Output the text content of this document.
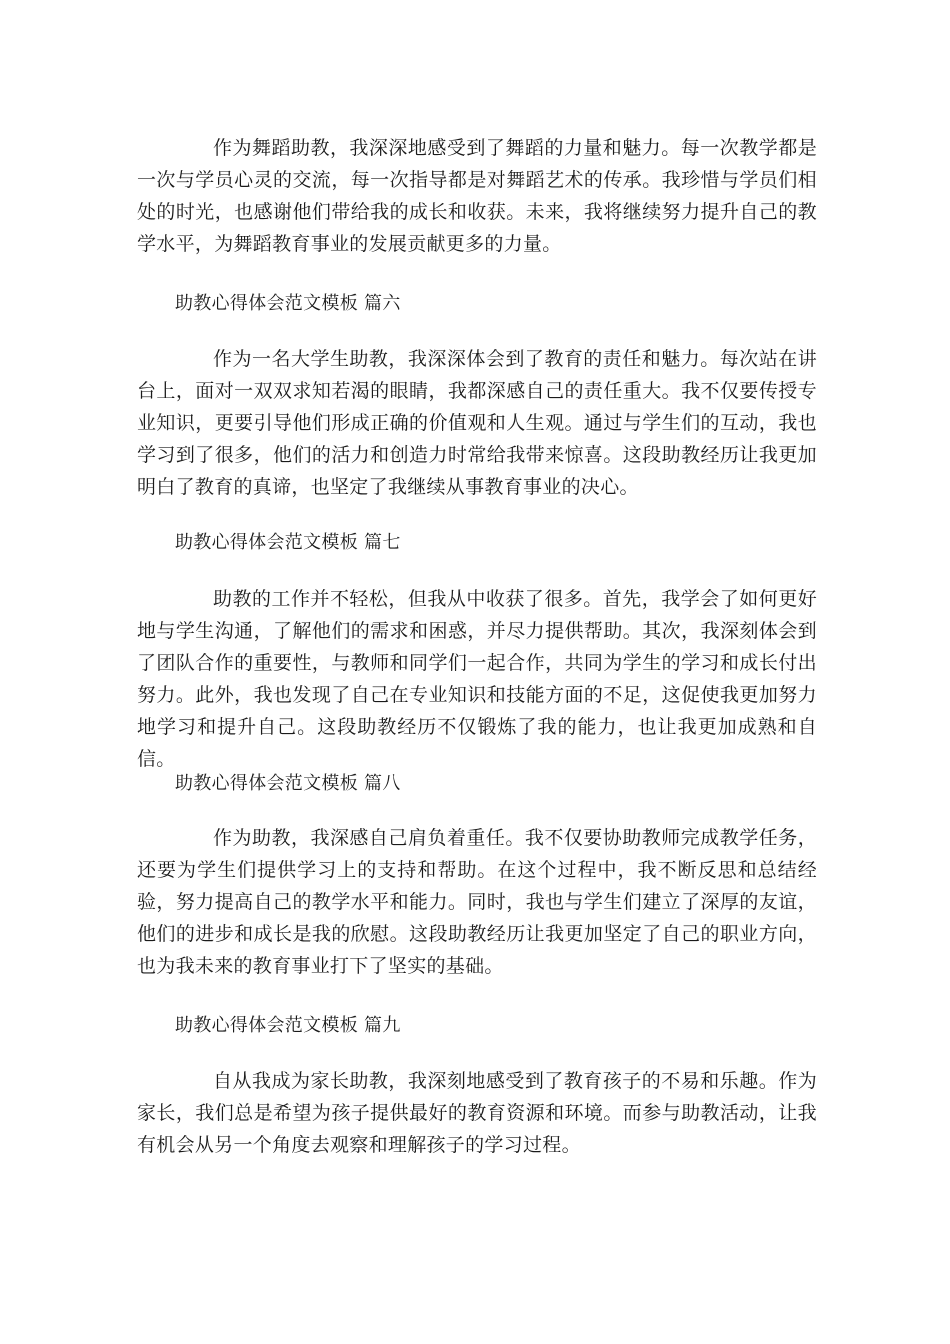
作为舞蹈助教，我深深地感受到了舞蹈的力量和魅力。每一次教学都是一次与学员心灵的交流，每一次指导都是对舞蹈艺术的传承。我珍惜与学员们相处的时光，也感谢他们带给我的成长和收获。未来，我将继续努力提升自己的教学水平，为舞蹈教育事业的发展贡献更多的力量。

助教心得体会范文模板 篇六

作为一名大学生助教，我深深体会到了教育的责任和魅力。每次站在讲台上，面对一双双求知若渴的眼睛，我都深感自己的责任重大。我不仅要传授专业知识，更要引导他们形成正确的价值观和人生观。通过与学生们的互动，我也学习到了很多，他们的活力和创造力时常给我带来惊喜。这段助教经历让我更加明白了教育的真谛，也坚定了我继续从事教育事业的决心。

助教心得体会范文模板 篇七

助教的工作并不轻松，但我从中收获了很多。首先，我学会了如何更好地与学生沟通，了解他们的需求和困惑，并尽力提供帮助。其次，我深刻体会到了团队合作的重要性，与教师和同学们一起合作，共同为学生的学习和成长付出努力。此外，我也发现了自己在专业知识和技能方面的不足，这促使我更加努力地学习和提升自己。这段助教经历不仅锻炼了我的能力，也让我更加成熟和自信。

助教心得体会范文模板 篇八

作为助教，我深感自己肩负着重任。我不仅要协助教师完成教学任务，还要为学生们提供学习上的支持和帮助。在这个过程中，我不断反思和总结经验，努力提高自己的教学水平和能力。同时，我也与学生们建立了深厚的友谊，他们的进步和成长是我的欣慰。这段助教经历让我更加坚定了自己的职业方向，也为我未来的教育事业打下了坚实的基础。

助教心得体会范文模板 篇九

自从我成为家长助教，我深刻地感受到了教育孩子的不易和乐趣。作为家长，我们总是希望为孩子提供最好的教育资源和环境。而参与助教活动，让我有机会从另一个角度去观察和理解孩子的学习过程。
